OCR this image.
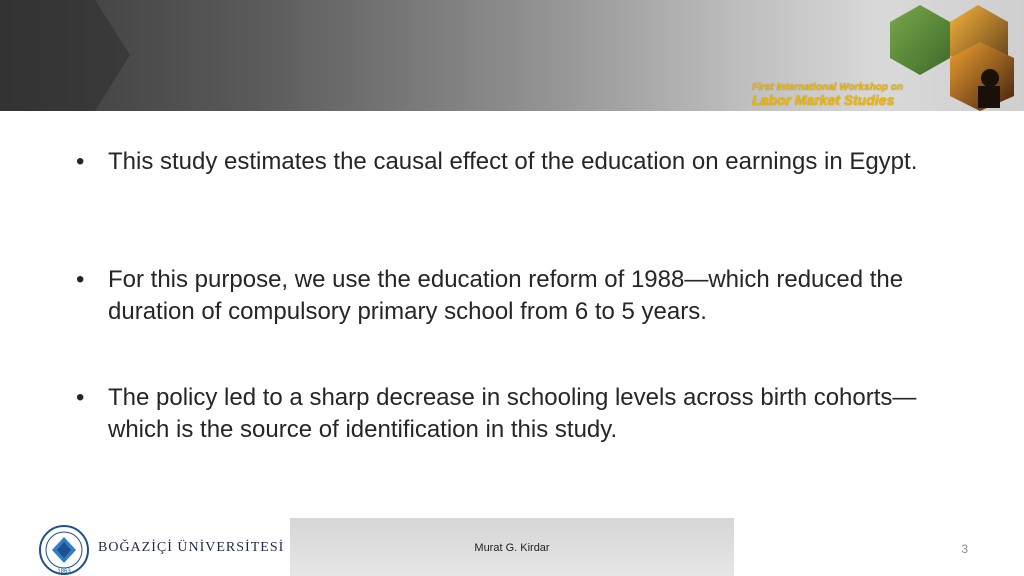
First International Workshop on
Labor Market Studies
• This study estimates the causal effect of the education on earnings in Egypt.
• For this purpose, we use the education reform of 1988—which reduced the duration of compulsory primary school from 6 to 5 years.
• The policy led to a sharp decrease in schooling levels across birth cohorts—which is the source of identification in this study.
1863
BOĞAZİÇİ ÜNİVERSİTESİ	Murat G. Kirdar	3
